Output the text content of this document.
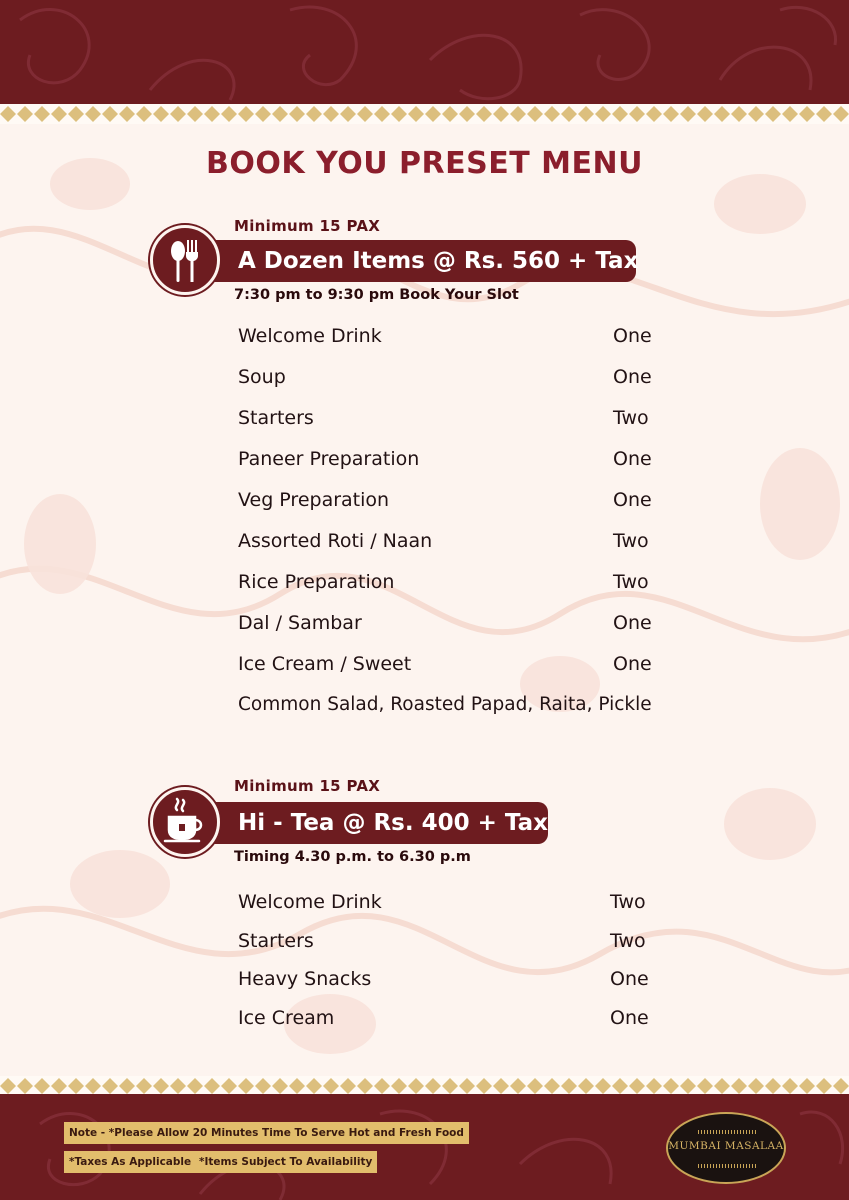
BOOK YOU PRESET MENU
Minimum 15 PAX
A Dozen Items @ Rs. 560 + Tax
7:30 pm to 9:30 pm Book Your Slot
Welcome Drink	One
Soup	One
Starters	Two
Paneer Preparation	One
Veg Preparation	One
Assorted Roti / Naan	Two
Rice Preparation	Two
Dal / Sambar	One
Ice Cream / Sweet	One
Common Salad, Roasted Papad, Raita, Pickle
Minimum 15 PAX
Hi - Tea @ Rs. 400 + Tax
Timing 4.30 p.m. to 6.30 p.m
Welcome Drink	Two
Starters	Two
Heavy Snacks	One
Ice Cream	One
Note - *Please Allow 20 Minutes Time To Serve Hot and Fresh Food
*Taxes As Applicable *Items Subject To Availability
MUMBAI MASALAA
